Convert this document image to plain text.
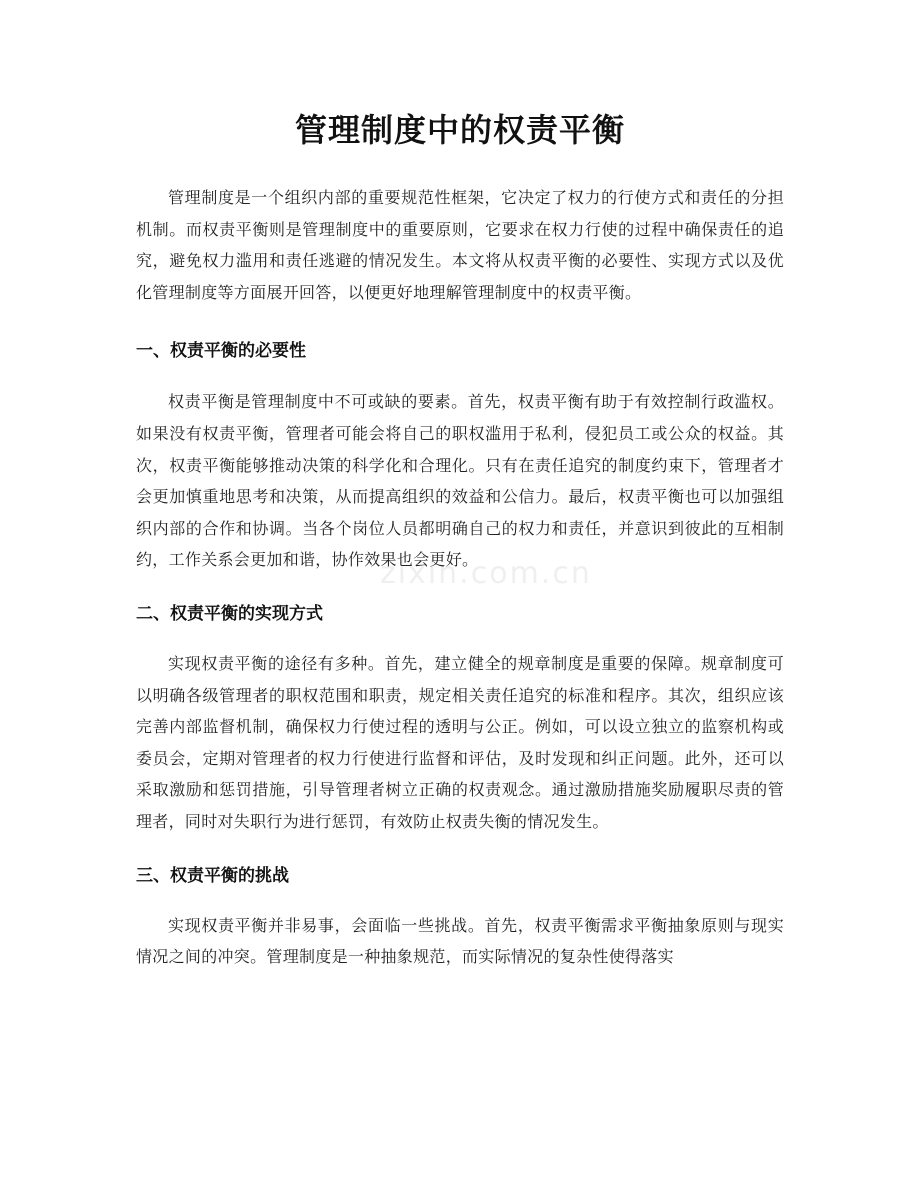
管理制度中的权责平衡

管理制度是一个组织内部的重要规范性框架，它决定了权力的行使方式和责任的分担机制。而权责平衡则是管理制度中的重要原则，它要求在权力行使的过程中确保责任的追究，避免权力滥用和责任逃避的情况发生。本文将从权责平衡的必要性、实现方式以及优化管理制度等方面展开回答，以便更好地理解管理制度中的权责平衡。

一、权责平衡的必要性

权责平衡是管理制度中不可或缺的要素。首先，权责平衡有助于有效控制行政滥权。如果没有权责平衡，管理者可能会将自己的职权滥用于私利，侵犯员工或公众的权益。其次，权责平衡能够推动决策的科学化和合理化。只有在责任追究的制度约束下，管理者才会更加慎重地思考和决策，从而提高组织的效益和公信力。最后，权责平衡也可以加强组织内部的合作和协调。当各个岗位人员都明确自己的权力和责任，并意识到彼此的互相制约，工作关系会更加和谐，协作效果也会更好。

二、权责平衡的实现方式

实现权责平衡的途径有多种。首先，建立健全的规章制度是重要的保障。规章制度可以明确各级管理者的职权范围和职责，规定相关责任追究的标准和程序。其次，组织应该完善内部监督机制，确保权力行使过程的透明与公正。例如，可以设立独立的监察机构或委员会，定期对管理者的权力行使进行监督和评估，及时发现和纠正问题。此外，还可以采取激励和惩罚措施，引导管理者树立正确的权责观念。通过激励措施奖励履职尽责的管理者，同时对失职行为进行惩罚，有效防止权责失衡的情况发生。

三、权责平衡的挑战

实现权责平衡并非易事，会面临一些挑战。首先，权责平衡需求平衡抽象原则与现实情况之间的冲突。管理制度是一种抽象规范，而实际情况的复杂性使得落实

zixin.com.cn
